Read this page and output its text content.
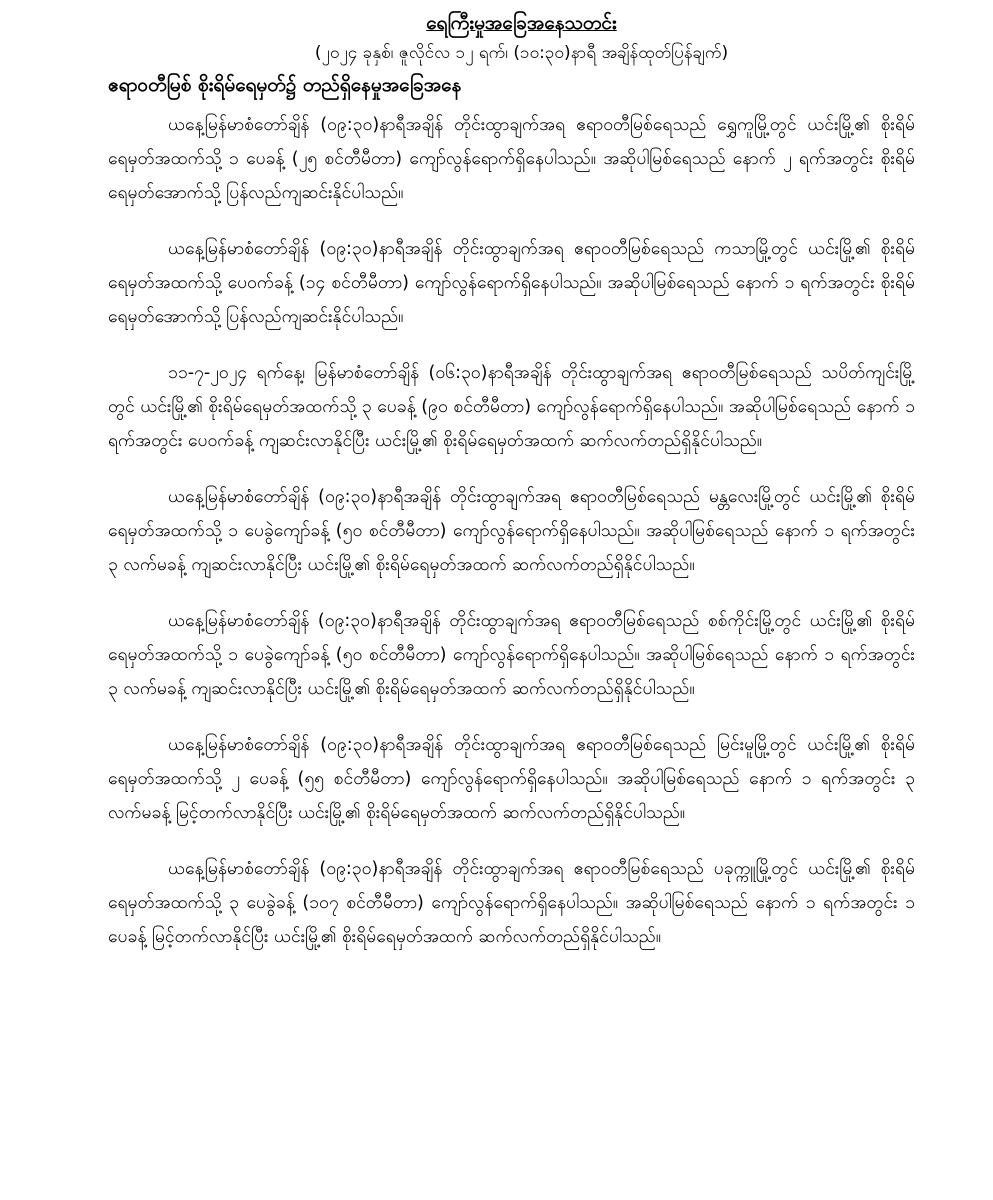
ရေကြီးမှုအခြေအနေသတင်း
(၂၀၂၄ ခုနှစ်၊ ဇူလိုင်လ ၁၂ ရက်၊ (၁၀:၃၀)နာရီ အချိန်ထုတ်ပြန်ချက်)
ဧရာဝတီမြစ် စိုးရိမ်ရေမှတ်၌ တည်ရှိနေမှုအခြေအနေ

ယနေ့မြန်မာစံတော်ချိန် (၀၉:၃၀)နာရီအချိန် တိုင်းထွာချက်အရ ဧရာဝတီမြစ်ရေသည် ရွှေကူမြို့တွင် ယင်းမြို့၏ စိုးရိမ်ရေမှတ်အထက်သို့ ၁ ပေခန့် (၂၅ စင်တီမီတာ) ကျော်လွန်ရောက်ရှိနေပါသည်။ အဆိုပါမြစ်ရေသည် နောက် ၂ ရက်အတွင်း စိုးရိမ်ရေမှတ်အောက်သို့ ပြန်လည်ကျဆင်းနိုင်ပါသည်။

ယနေ့မြန်မာစံတော်ချိန် (၀၉:၃၀)နာရီအချိန် တိုင်းထွာချက်အရ ဧရာဝတီမြစ်ရေသည် ကသာမြို့တွင် ယင်းမြို့၏ စိုးရိမ်ရေမှတ်အထက်သို့ ပေဝက်ခန့် (၁၄ စင်တီမီတာ) ကျော်လွန်ရောက်ရှိနေပါသည်။ အဆိုပါမြစ်ရေသည် နောက် ၁ ရက်အတွင်း စိုးရိမ်ရေမှတ်အောက်သို့ ပြန်လည်ကျဆင်းနိုင်ပါသည်။

၁၁-၇-၂၀၂၄ ရက်နေ့၊ မြန်မာစံတော်ချိန် (၀၆:၃၀)နာရီအချိန် တိုင်းထွာချက်အရ ဧရာဝတီမြစ်ရေသည် သပိတ်ကျင်းမြို့တွင် ယင်းမြို့၏ စိုးရိမ်ရေမှတ်အထက်သို့ ၃ ပေခန့် (၉၀ စင်တီမီတာ) ကျော်လွန်ရောက်ရှိနေပါသည်။ အဆိုပါမြစ်ရေသည် နောက် ၁ ရက်အတွင်း ပေဝက်ခန့် ကျဆင်းလာနိုင်ပြီး ယင်းမြို့၏ စိုးရိမ်ရေမှတ်အထက် ဆက်လက်တည်ရှိနိုင်ပါသည်။

ယနေ့မြန်မာစံတော်ချိန် (၀၉:၃၀)နာရီအချိန် တိုင်းထွာချက်အရ ဧရာဝတီမြစ်ရေသည် မန္တလေးမြို့တွင် ယင်းမြို့၏ စိုးရိမ်ရေမှတ်အထက်သို့ ၁ ပေခွဲကျော်ခန့် (၅၀ စင်တီမီတာ) ကျော်လွန်ရောက်ရှိနေပါသည်။ အဆိုပါမြစ်ရေသည် နောက် ၁ ရက်အတွင်း ၃ လက်မခန့် ကျဆင်းလာနိုင်ပြီး ယင်းမြို့၏ စိုးရိမ်ရေမှတ်အထက် ဆက်လက်တည်ရှိနိုင်ပါသည်။

ယနေ့မြန်မာစံတော်ချိန် (၀၉:၃၀)နာရီအချိန် တိုင်းထွာချက်အရ ဧရာဝတီမြစ်ရေသည် စစ်ကိုင်းမြို့တွင် ယင်းမြို့၏ စိုးရိမ်ရေမှတ်အထက်သို့ ၁ ပေခွဲကျော်ခန့် (၅၀ စင်တီမီတာ) ကျော်လွန်ရောက်ရှိနေပါသည်။ အဆိုပါမြစ်ရေသည် နောက် ၁ ရက်အတွင်း ၃ လက်မခန့် ကျဆင်းလာနိုင်ပြီး ယင်းမြို့၏ စိုးရိမ်ရေမှတ်အထက် ဆက်လက်တည်ရှိနိုင်ပါသည်။

ယနေ့မြန်မာစံတော်ချိန် (၀၉:၃၀)နာရီအချိန် တိုင်းထွာချက်အရ ဧရာဝတီမြစ်ရေသည် မြင်းမူမြို့တွင် ယင်းမြို့၏ စိုးရိမ်ရေမှတ်အထက်သို့ ၂ ပေခန့် (၅၅ စင်တီမီတာ) ကျော်လွန်ရောက်ရှိနေပါသည်။ အဆိုပါမြစ်ရေသည် နောက် ၁ ရက်အတွင်း ၃ လက်မခန့် မြင့်တက်လာနိုင်ပြီး ယင်းမြို့၏ စိုးရိမ်ရေမှတ်အထက် ဆက်လက်တည်ရှိနိုင်ပါသည်။

ယနေ့မြန်မာစံတော်ချိန် (၀၉:၃၀)နာရီအချိန် တိုင်းထွာချက်အရ ဧရာဝတီမြစ်ရေသည် ပခုက္ကူမြို့တွင် ယင်းမြို့၏ စိုးရိမ်ရေမှတ်အထက်သို့ ၃ ပေခွဲခန့် (၁၀၇ စင်တီမီတာ) ကျော်လွန်ရောက်ရှိနေပါသည်။ အဆိုပါမြစ်ရေသည် နောက် ၁ ရက်အတွင်း ၁ ပေခန့် မြင့်တက်လာနိုင်ပြီး ယင်းမြို့၏ စိုးရိမ်ရေမှတ်အထက် ဆက်လက်တည်ရှိနိုင်ပါသည်။
